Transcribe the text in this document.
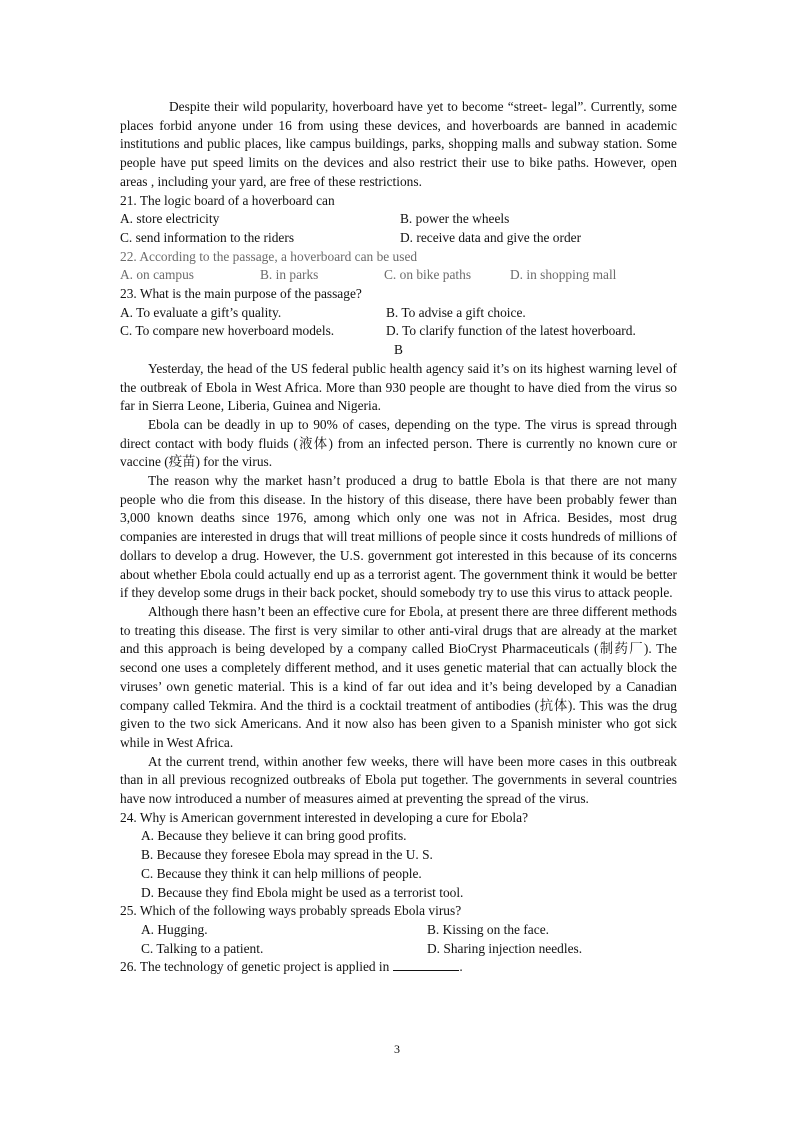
Despite their wild popularity, hoverboard have yet to become “street- legal”. Currently, some places forbid anyone under 16 from using these devices, and hoverboards are banned in academic institutions and public places, like campus buildings, parks, shopping malls and subway station. Some people have put speed limits on the devices and also restrict their use to bike paths. However, open areas , including your yard, are free of these restrictions.

21. The logic board of a hoverboard can

A. store electricity	B. power the wheels
C. send information to the riders	D. receive data and give the order

22. According to the passage, a hoverboard can be used

A. on campus	B. in parks	C. on bike paths	D. in shopping mall

23. What is the main purpose of the passage?

A. To evaluate a gift’s quality.	B. To advise a gift choice.
C. To compare new hoverboard models.	D. To clarify function of the latest hoverboard.

B

Yesterday, the head of the US federal public health agency said it’s on its highest warning level of the outbreak of Ebola in West Africa. More than 930 people are thought to have died from the virus so far in Sierra Leone, Liberia, Guinea and Nigeria.

Ebola can be deadly in up to 90% of cases, depending on the type. The virus is spread through direct contact with body fluids (液体) from an infected person. There is currently no known cure or vaccine (疫苗) for the virus.

The reason why the market hasn’t produced a drug to battle Ebola is that there are not many people who die from this disease. In the history of this disease, there have been probably fewer than 3,000 known deaths since 1976, among which only one was not in Africa. Besides, most drug companies are interested in drugs that will treat millions of people since it costs hundreds of millions of dollars to develop a drug. However, the U.S. government got interested in this because of its concerns about whether Ebola could actually end up as a terrorist agent. The government think it would be better if they develop some drugs in their back pocket, should somebody try to use this virus to attack people.

Although there hasn’t been an effective cure for Ebola, at present there are three different methods to treating this disease. The first is very similar to other anti-viral drugs that are already at the market and this approach is being developed by a company called BioCryst Pharmaceuticals (制药厂). The second one uses a completely different method, and it uses genetic material that can actually block the viruses’ own genetic material. This is a kind of far out idea and it’s being developed by a Canadian company called Tekmira. And the third is a cocktail treatment of antibodies (抗体). This was the drug given to the two sick Americans. And it now also has been given to a Spanish minister who got sick while in West Africa.

At the current trend, within another few weeks, there will have been more cases in this outbreak than in all previous recognized outbreaks of Ebola put together. The governments in several countries have now introduced a number of measures aimed at preventing the spread of the virus.

24. Why is American government interested in developing a cure for Ebola?

A. Because they believe it can bring good profits.

B. Because they foresee Ebola may spread in the U. S.

C. Because they think it can help millions of people.

D. Because they find Ebola might be used as a terrorist tool.

25. Which of the following ways probably spreads Ebola virus?

A. Hugging.	B. Kissing on the face.
C. Talking to a patient.	D. Sharing injection needles.

26. The technology of genetic project is applied in	.

3
